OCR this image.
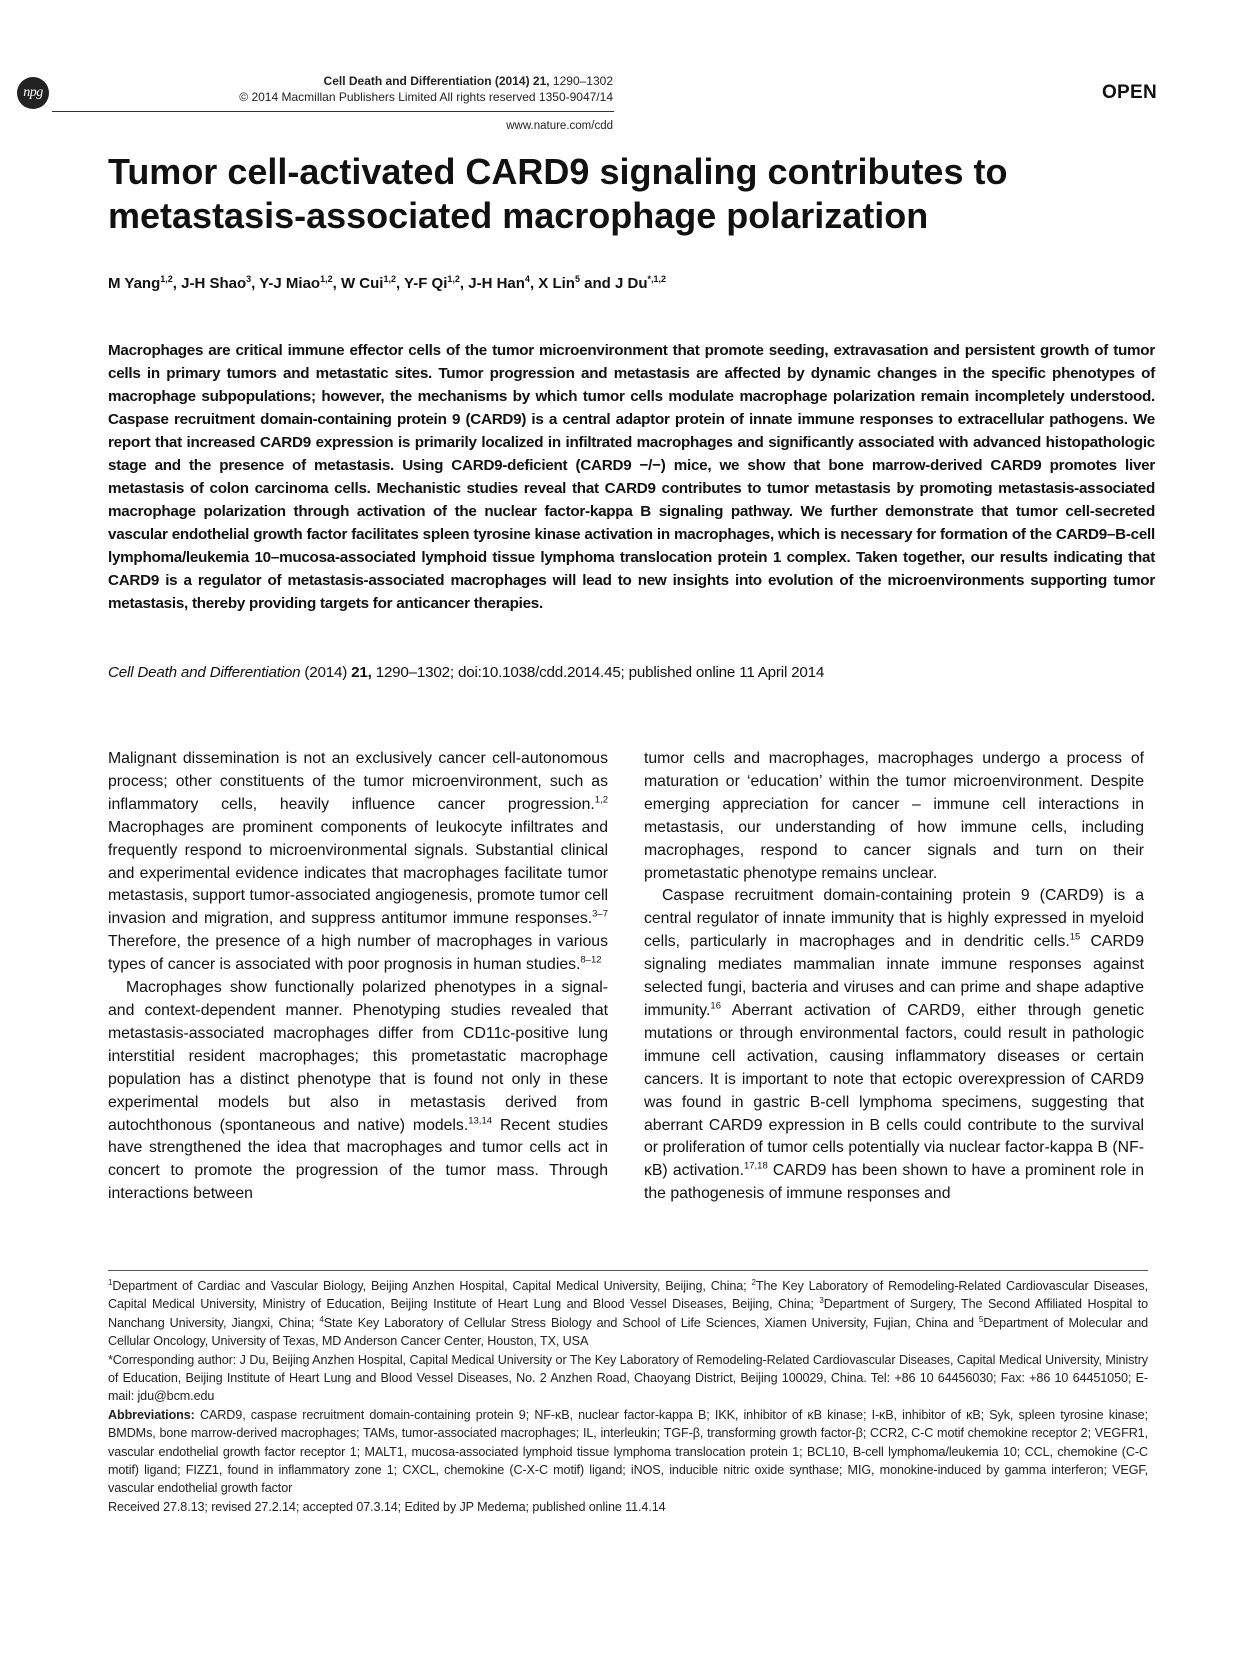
npg
Cell Death and Differentiation (2014) 21, 1290–1302
© 2014 Macmillan Publishers Limited All rights reserved 1350-9047/14
www.nature.com/cdd
OPEN
Tumor cell-activated CARD9 signaling contributes to metastasis-associated macrophage polarization
M Yang$^{1,2}$, J-H Shao$^3$, Y-J Miao$^{1,2}$, W Cui$^{1,2}$, Y-F Qi$^{1,2}$, J-H Han$^4$, X Lin$^5$ and J $Du^{*,1,2}$

Macrophages are critical immune effector cells of the tumor microenvironment that promote seeding, extravasation and persistent growth of tumor cells in primary tumors and metastatic sites. Tumor progression and metastasis are affected by dynamic changes in the specific phenotypes of macrophage subpopulations; however, the mechanisms by which tumor cells modulate macrophage polarization remain incompletely understood. Caspase recruitment domain-containing protein 9 (CARD9) is a central adaptor protein of innate immune responses to extracellular pathogens. We report that increased CARD9 expression is primarily localized in infiltrated macrophages and significantly associated with advanced histopathologic stage and the presence of metastasis. Using CARD9-deficient (CARD9 −/−) mice, we show that bone marrow-derived CARD9 promotes liver metastasis of colon carcinoma cells. Mechanistic studies reveal that CARD9 contributes to tumor metastasis by promoting metastasis-associated macrophage polarization through activation of the nuclear factor-kappa B signaling pathway. We further demonstrate that tumor cell-secreted vascular endothelial growth factor facilitates spleen tyrosine kinase activation in macrophages, which is necessary for formation of the CARD9–B-cell lymphoma/leukemia 10–mucosa-associated lymphoid tissue lymphoma translocation protein 1 complex. Taken together, our results indicating that CARD9 is a regulator of metastasis-associated macrophages will lead to new insights into evolution of the microenvironments supporting tumor metastasis, thereby providing targets for anticancer therapies.

Cell Death and Differentiation (2014) 21, 1290–1302; doi:10.1038/cdd.2014.45; published online 11 April 2014

Malignant dissemination is not an exclusively cancer cell-autonomous process; other constituents of the tumor microenvironment, such as inflammatory cells, heavily influence cancer progression.$^{1,2}$ Macrophages are prominent components of leukocyte infiltrates and frequently respond to microenvironmental signals. Substantial clinical and experimental evidence indicates that macrophages facilitate tumor metastasis, support tumor-associated angiogenesis, promote tumor cell invasion and migration, and suppress antitumor immune responses.$^{3-7}$ Therefore, the presence of a high number of macrophages in various types of cancer is associated with poor prognosis in human studies.$^{8-12}$

Macrophages show functionally polarized phenotypes in a signal- and context-dependent manner. Phenotyping studies revealed that metastasis-associated macrophages differ from CD11c-positive lung interstitial resident macrophages; this prometastatic macrophage population has a distinct phenotype that is found not only in these experimental models but also in metastasis derived from autochthonous (spontaneous and native) models.$^{13,14}$ Recent studies have strengthened the idea that macrophages and tumor cells act in concert to promote the progression of the tumor mass. Through interactions between

tumor cells and macrophages, macrophages undergo a process of maturation or ‘education’ within the tumor microenvironment. Despite emerging appreciation for cancer – immune cell interactions in metastasis, our understanding of how immune cells, including macrophages, respond to cancer signals and turn on their prometastatic phenotype remains unclear.

Caspase recruitment domain-containing protein 9 (CARD9) is a central regulator of innate immunity that is highly expressed in myeloid cells, particularly in macrophages and in dendritic cells.$^{15}$ CARD9 signaling mediates mammalian innate immune responses against selected fungi, bacteria and viruses and can prime and shape adaptive immunity.$^{16}$ Aberrant activation of CARD9, either through genetic mutations or through environmental factors, could result in pathologic immune cell activation, causing inflammatory diseases or certain cancers. It is important to note that ectopic overexpression of CARD9 was found in gastric B-cell lymphoma specimens, suggesting that aberrant CARD9 expression in B cells could contribute to the survival or proliferation of tumor cells potentially via nuclear factor-kappa B (NF-κB) activation.$^{17,18}$ CARD9 has been shown to have a prominent role in the pathogenesis of immune responses and

$^1$Department of Cardiac and Vascular Biology, Beijing Anzhen Hospital, Capital Medical University, Beijing, China; $^2$The Key Laboratory of Remodeling-Related Cardiovascular Diseases, Capital Medical University, Ministry of Education, Beijing Institute of Heart Lung and Blood Vessel Diseases, Beijing, China; $^3$Department of Surgery, The Second Affiliated Hospital to Nanchang University, Jiangxi, China; $^4$State Key Laboratory of Cellular Stress Biology and School of Life Sciences, Xiamen University, Fujian, China and $^5$Department of Molecular and Cellular Oncology, University of Texas, MD Anderson Cancer Center, Houston, TX, USA

*Corresponding author: J Du, Beijing Anzhen Hospital, Capital Medical University or The Key Laboratory of Remodeling-Related Cardiovascular Diseases, Capital Medical University, Ministry of Education, Beijing Institute of Heart Lung and Blood Vessel Diseases, No. 2 Anzhen Road, Chaoyang District, Beijing 100029, China. Tel: +86 10 64456030; Fax: +86 10 64451050; E-mail: jdu@bcm.edu

Abbreviations: CARD9, caspase recruitment domain-containing protein 9; NF-κB, nuclear factor-kappa B; IKK, inhibitor of κB kinase; I-κB, inhibitor of κB; Syk, spleen tyrosine kinase; BMDMs, bone marrow-derived macrophages; TAMs, tumor-associated macrophages; IL, interleukin; TGF-β, transforming growth factor-β; CCR2, C-C motif chemokine receptor 2; VEGFR1, vascular endothelial growth factor receptor 1; MALT1, mucosa-associated lymphoid tissue lymphoma translocation protein 1; BCL10, B-cell lymphoma/leukemia 10; CCL, chemokine (C-C motif) ligand; FIZZ1, found in inflammatory zone 1; CXCL, chemokine (C-X-C motif) ligand; iNOS, inducible nitric oxide synthase; MIG, monokine-induced by gamma interferon; VEGF, vascular endothelial growth factor

Received 27.8.13; revised 27.2.14; accepted 07.3.14; Edited by JP Medema; published online 11.4.14
